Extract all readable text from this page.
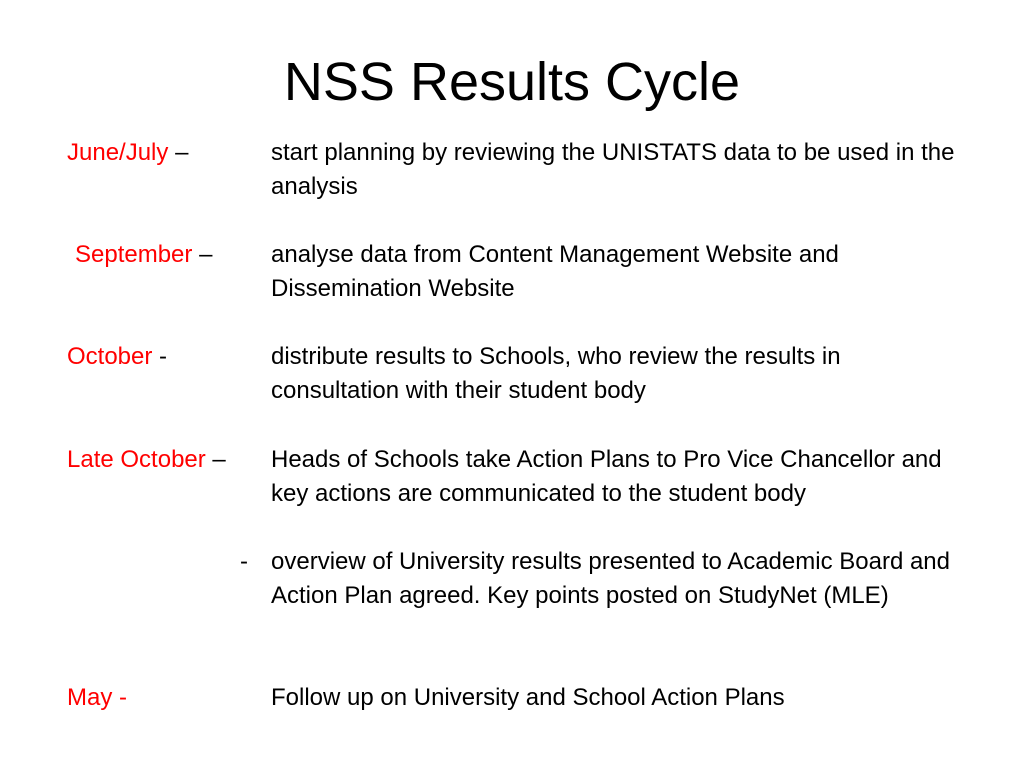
NSS Results Cycle
June/July –	start planning by reviewing the UNISTATS data to be used in the analysis
September – analyse data from Content Management Website and Dissemination Website
October -	distribute results to Schools, who review the results in consultation with their student body
Late October – Heads of Schools take Action Plans to Pro Vice Chancellor and key actions are communicated to the student body
- overview of University results presented to Academic Board and Action Plan agreed. Key points posted on StudyNet (MLE)
May -	Follow up on University and School Action Plans
